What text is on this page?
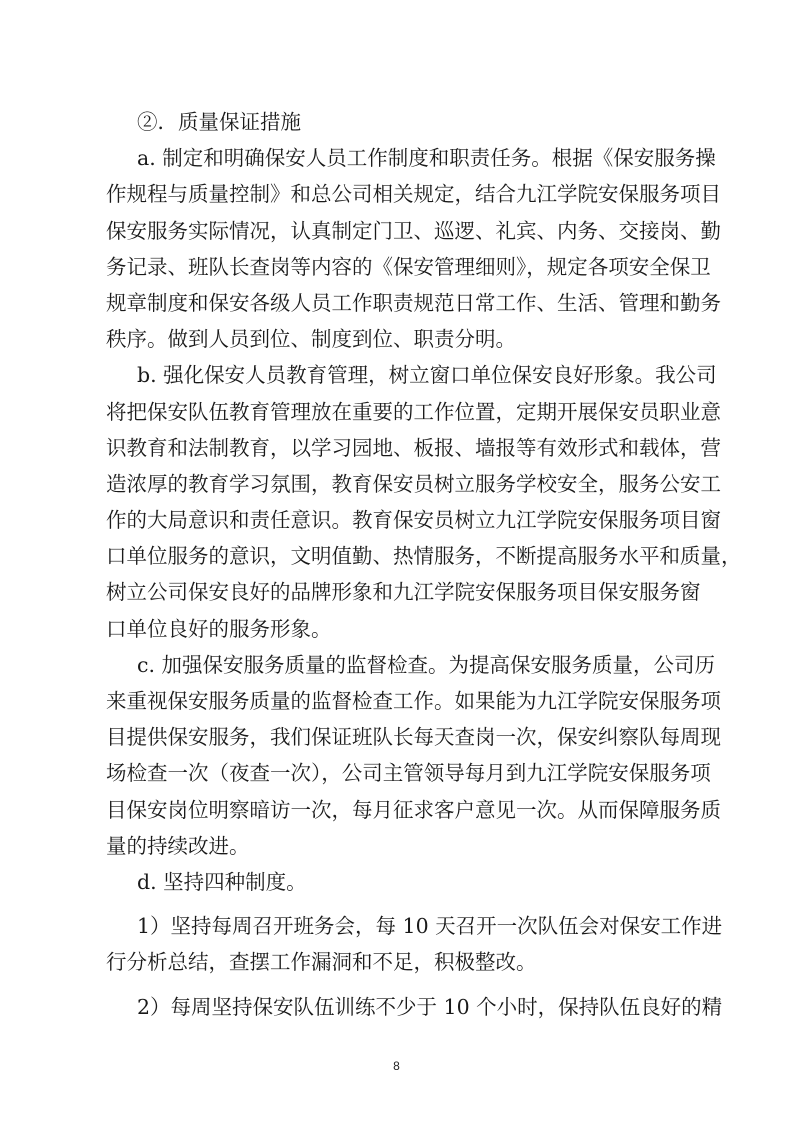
②．质量保证措施
a. 制定和明确保安人员工作制度和职责任务。根据《保安服务操
作规程与质量控制》和总公司相关规定，结合九江学院安保服务项目
保安服务实际情况，认真制定门卫、巡逻、礼宾、内务、交接岗、勤
务记录、班队长查岗等内容的《保安管理细则》，规定各项安全保卫
规章制度和保安各级人员工作职责规范日常工作、生活、管理和勤务
秩序。做到人员到位、制度到位、职责分明。
b. 强化保安人员教育管理，树立窗口单位保安良好形象。我公司
将把保安队伍教育管理放在重要的工作位置，定期开展保安员职业意
识教育和法制教育，以学习园地、板报、墙报等有效形式和载体，营
造浓厚的教育学习氛围，教育保安员树立服务学校安全，服务公安工
作的大局意识和责任意识。教育保安员树立九江学院安保服务项目窗
口单位服务的意识，文明值勤、热情服务，不断提高服务水平和质量，
树立公司保安良好的品牌形象和九江学院安保服务项目保安服务窗
口单位良好的服务形象。
c. 加强保安服务质量的监督检查。为提高保安服务质量，公司历
来重视保安服务质量的监督检查工作。如果能为九江学院安保服务项
目提供保安服务，我们保证班队长每天查岗一次，保安纠察队每周现
场检查一次（夜查一次），公司主管领导每月到九江学院安保服务项
目保安岗位明察暗访一次，每月征求客户意见一次。从而保障服务质
量的持续改进。
d. 坚持四种制度。
1）坚持每周召开班务会，每 10 天召开一次队伍会对保安工作进
行分析总结，查摆工作漏洞和不足，积极整改。
2）每周坚持保安队伍训练不少于 10 个小时，保持队伍良好的精
8
